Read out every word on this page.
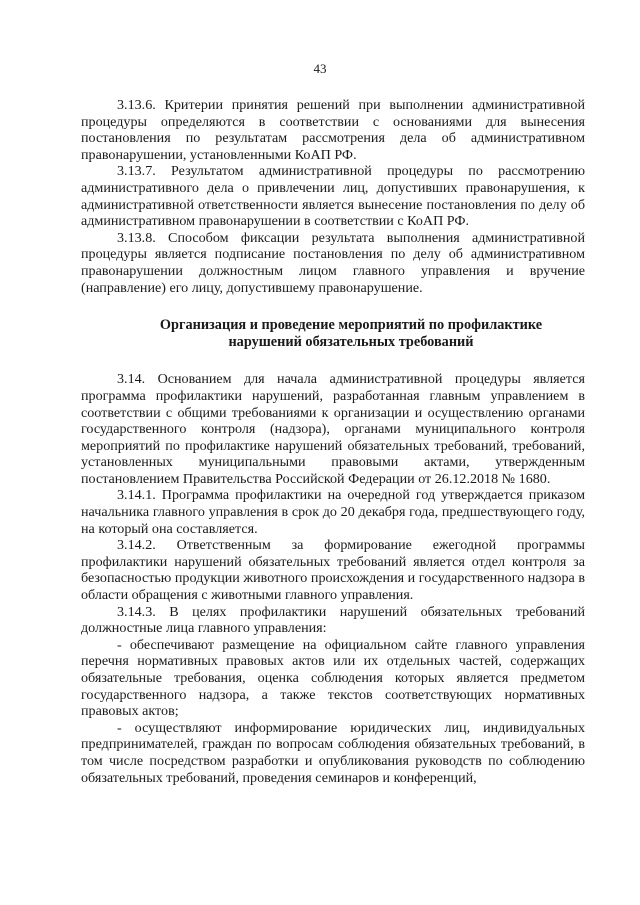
43

3.13.6. Критерии принятия решений при выполнении административной процедуры определяются в соответствии с основаниями для вынесения постановления по результатам рассмотрения дела об административном правонарушении, установленными КоАП РФ.

3.13.7. Результатом административной процедуры по рассмотрению административного дела о привлечении лиц, допустивших правонарушения, к административной ответственности является вынесение постановления по делу об административном правонарушении в соответствии с КоАП РФ.

3.13.8. Способом фиксации результата выполнения административной процедуры является подписание постановления по делу об административном правонарушении должностным лицом главного управления и вручение (направление) его лицу, допустившему правонарушение.

Организация и проведение мероприятий по профилактике
нарушений обязательных требований

3.14. Основанием для начала административной процедуры является программа профилактики нарушений, разработанная главным управлением в соответствии с общими требованиями к организации и осуществлению органами государственного контроля (надзора), органами муниципального контроля мероприятий по профилактике нарушений обязательных требований, требований, установленных муниципальными правовыми актами, утвержденным постановлением Правительства Российской Федерации от 26.12.2018 № 1680.

3.14.1. Программа профилактики на очередной год утверждается приказом начальника главного управления в срок до 20 декабря года, предшествующего году, на который она составляется.

3.14.2. Ответственным за формирование ежегодной программы профилактики нарушений обязательных требований является отдел контроля за безопасностью продукции животного происхождения и государственного надзора в области обращения с животными главного управления.

3.14.3. В целях профилактики нарушений обязательных требований должностные лица главного управления:

- обеспечивают размещение на официальном сайте главного управления перечня нормативных правовых актов или их отдельных частей, содержащих обязательные требования, оценка соблюдения которых является предметом государственного надзора, а также текстов соответствующих нормативных правовых актов;

- осуществляют информирование юридических лиц, индивидуальных предпринимателей, граждан по вопросам соблюдения обязательных требований, в том числе посредством разработки и опубликования руководств по соблюдению обязательных требований, проведения семинаров и конференций,
